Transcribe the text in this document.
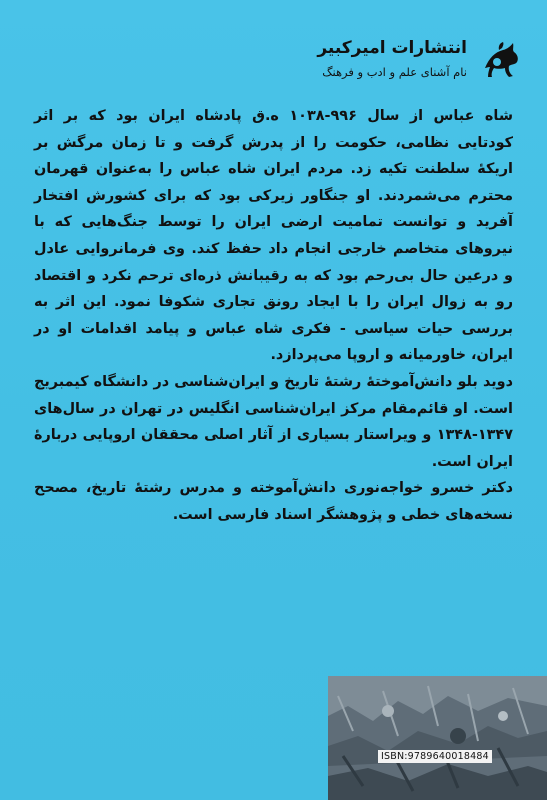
انتشارات امیرکبیر
نام آشنای علم و ادب و فرهنگ

شاه عباس از سال ۹۹۶-۱۰۳۸ ه.ق پادشاه ایران بود که بر اثر کودتایی نظامی، حکومت را از پدرش گرفت و تا زمان مرگش بر اریکهٔ سلطنت تکیه زد. مردم ایران شاه عباس را به‌عنوان قهرمان محترم می‌شمردند. او جنگاور زیرکی بود که برای کشورش افتخار آفرید و توانست تمامیت ارضی ایران را توسط جنگ‌هایی که با نیروهای متخاصم خارجی انجام داد حفظ کند. وی فرمانروایی عادل و درعین حال بی‌رحم بود که به رقیبانش ذره‌ای ترحم نکرد و اقتصاد رو به زوال ایران را با ایجاد رونق تجاری شکوفا نمود. این اثر به بررسی حیات سیاسی - فکری شاه عباس و پیامد اقدامات او در ایران، خاورمیانه و اروپا می‌پردازد.

دوید بلو دانش‌آموختهٔ رشتهٔ تاریخ و ایران‌شناسی در دانشگاه کیمبریج است. او قائم‌مقام مرکز ایران‌شناسی انگلیس در تهران در سال‌های ۱۳۴۷-۱۳۴۸ و ویراستار بسیاری از آثار اصلی محققان اروپایی دربارهٔ ایران است.

دکتر خسرو خواجه‌نوری دانش‌آموخته و مدرس رشتهٔ تاریخ، مصحح نسخه‌های خطی و پژوهشگر اسناد فارسی است.

ISBN:9789640018484
